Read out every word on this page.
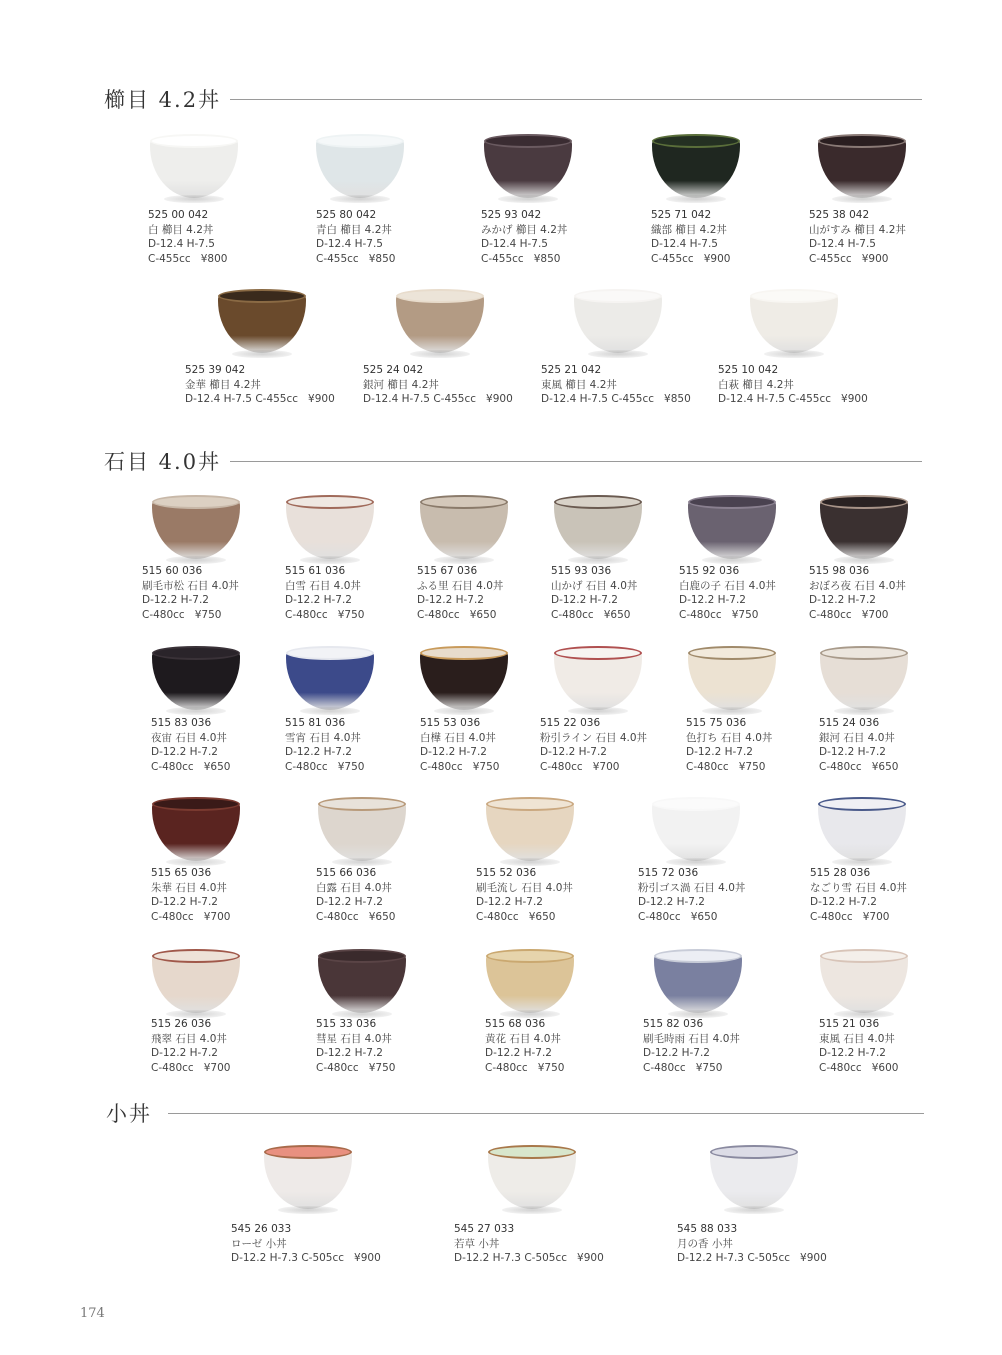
櫛目 4.2丼
石目 4.0丼
小丼
525 00 042
白 櫛目 4.2丼
D-12.4 H-7.5
C-455cc ¥800
525 80 042
青白 櫛目 4.2丼
D-12.4 H-7.5
C-455cc ¥850
525 93 042
みかげ 櫛目 4.2丼
D-12.4 H-7.5
C-455cc ¥850
525 71 042
織部 櫛目 4.2丼
D-12.4 H-7.5
C-455cc ¥900
525 38 042
山がすみ 櫛目 4.2丼
D-12.4 H-7.5
C-455cc ¥900
525 39 042
金華 櫛目 4.2丼
D-12.4 H-7.5 C-455cc ¥900
525 24 042
銀河 櫛目 4.2丼
D-12.4 H-7.5 C-455cc ¥900
525 21 042
東風 櫛目 4.2丼
D-12.4 H-7.5 C-455cc ¥850
525 10 042
白萩 櫛目 4.2丼
D-12.4 H-7.5 C-455cc ¥900
515 60 036
刷毛市松 石目 4.0丼
D-12.2 H-7.2
C-480cc ¥750
515 61 036
白雪 石目 4.0丼
D-12.2 H-7.2
C-480cc ¥750
515 67 036
ふる里 石目 4.0丼
D-12.2 H-7.2
C-480cc ¥650
515 93 036
山かげ 石目 4.0丼
D-12.2 H-7.2
C-480cc ¥650
515 92 036
白鹿の子 石目 4.0丼
D-12.2 H-7.2
C-480cc ¥750
515 98 036
おぼろ夜 石目 4.0丼
D-12.2 H-7.2
C-480cc ¥700
515 83 036
夜宙 石目 4.0丼
D-12.2 H-7.2
C-480cc ¥650
515 81 036
雪宵 石目 4.0丼
D-12.2 H-7.2
C-480cc ¥750
515 53 036
白樺 石目 4.0丼
D-12.2 H-7.2
C-480cc ¥750
515 22 036
粉引ライン 石目 4.0丼
D-12.2 H-7.2
C-480cc ¥700
515 75 036
色打ち 石目 4.0丼
D-12.2 H-7.2
C-480cc ¥750
515 24 036
銀河 石目 4.0丼
D-12.2 H-7.2
C-480cc ¥650
515 65 036
朱華 石目 4.0丼
D-12.2 H-7.2
C-480cc ¥700
515 66 036
白露 石目 4.0丼
D-12.2 H-7.2
C-480cc ¥650
515 52 036
刷毛流し 石目 4.0丼
D-12.2 H-7.2
C-480cc ¥650
515 72 036
粉引ゴス渦 石目 4.0丼
D-12.2 H-7.2
C-480cc ¥650
515 28 036
なごり雪 石目 4.0丼
D-12.2 H-7.2
C-480cc ¥700
515 26 036
飛翠 石目 4.0丼
D-12.2 H-7.2
C-480cc ¥700
515 33 036
彗星 石目 4.0丼
D-12.2 H-7.2
C-480cc ¥750
515 68 036
黄花 石目 4.0丼
D-12.2 H-7.2
C-480cc ¥750
515 82 036
刷毛時雨 石目 4.0丼
D-12.2 H-7.2
C-480cc ¥750
515 21 036
東風 石目 4.0丼
D-12.2 H-7.2
C-480cc ¥600
545 26 033
ローゼ 小丼
D-12.2 H-7.3 C-505cc ¥900
545 27 033
若草 小丼
D-12.2 H-7.3 C-505cc ¥900
545 88 033
月の香 小丼
D-12.2 H-7.3 C-505cc ¥900
174
